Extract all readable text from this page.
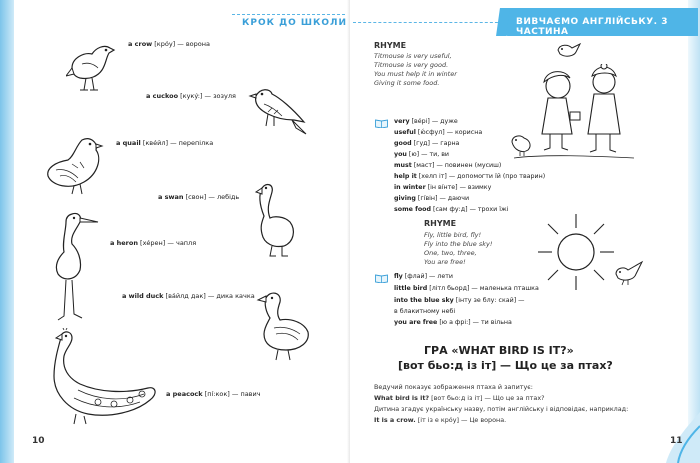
КРОК ДО ШКОЛИ
a crow [крóу] — ворона
a cuckoo [кукý:] — зозуля
a quail [квéйл] — перепілка
a swan [свон] — лебідь
a heron [хéрен] — чапля
a wild duck [вáйлд дак] — дика качка
a peacock [пí:кок] — павич
10
ВИВЧАЄМО АНГЛІЙСЬКУ. 3 ЧАСТИНА
RHYME
Titmouse is very useful,
Titmouse is very good.
You must help it in winter
Giving it some food.
very [вéрі] — дуже
useful [ю́сфул] — корисна
good [гуд] — гарна
you [ю] — ти, ви
must [маст] — повинен (мусиш)
help it [хелп іт] — допомогти їй (про тварин)
in winter [ін вíнте] — взимку
giving [гíвін] — даючи
some food [сам фу:д] — трохи їжі
RHYME
Fly, little bird, fly!
Fly into the blue sky!
One, two, three,
You are free!
fly [флай] — лети
little bird [літл бьорд] — маленька пташка
into the blue sky [інту зе блу: скай] —
в блакитному небі
you are free [ю а фрі:] — ти вільна
ГРА «WHAT BIRD IS IT?»
[вот бьо:д із іт] — Що це за птах?
Ведучий показує зображення птаха й запитує:
What bird is it? [вот бьо:д із іт] — Що це за птах?
Дитина згадує українську назву, потім англійську і відповідає, наприклад:
It is a crow. [іт із е крóу] — Це ворона.
11
